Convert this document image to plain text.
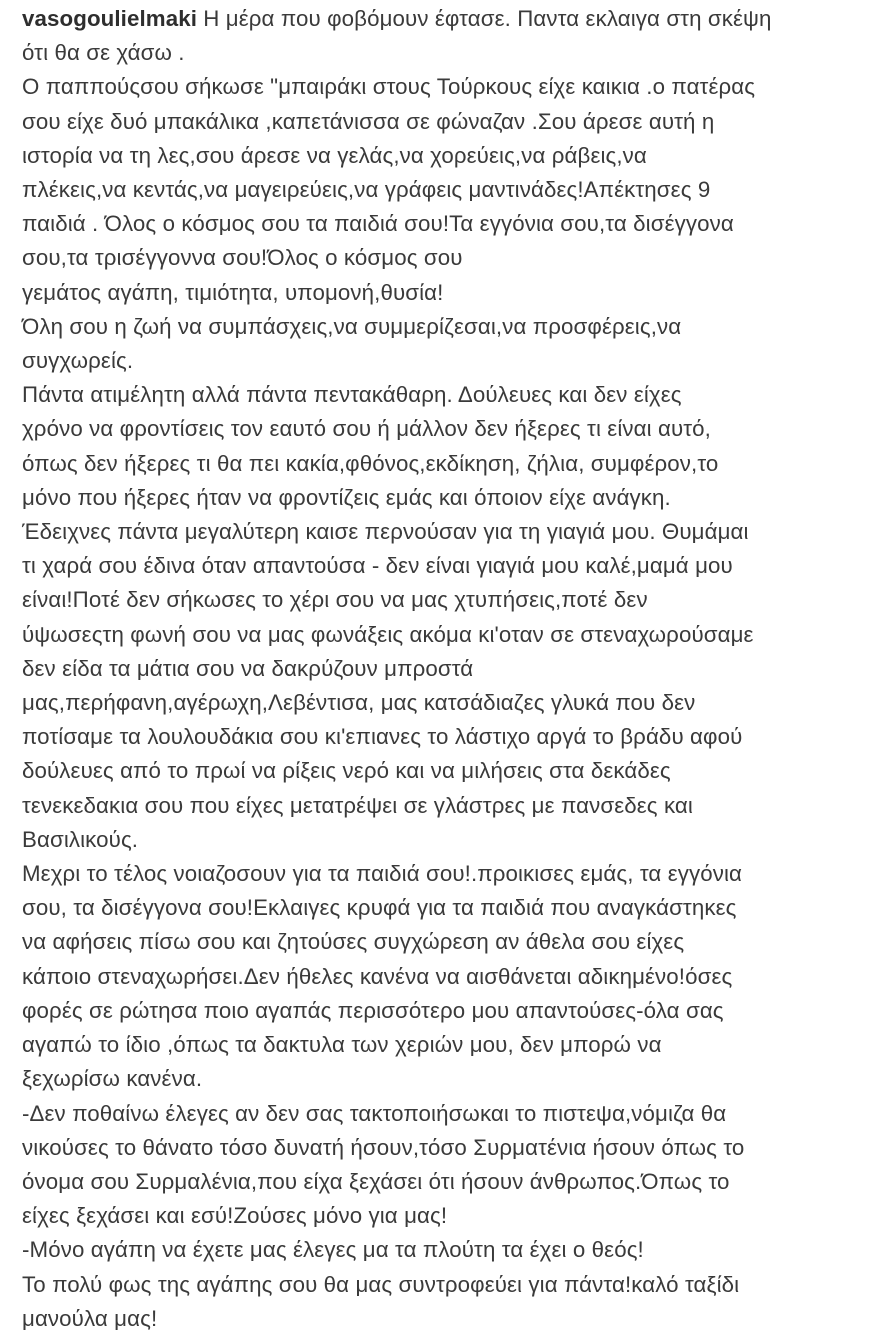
vasogoulielmaki Η μέρα που φοβόμουν έφτασε. Παντα εκλαιγα στη σκέψη
ότι θα σε χάσω .
Ο παππούςσου σήκωσε "μπαιράκι στους Τούρκους είχε καικια .ο πατέρας
σου είχε δυό μπακάλικα ,καπετάνισσα σε φώναζαν .Σου άρεσε αυτή η
ιστορία να τη λες,σου άρεσε να γελάς,να χορεύεις,να ράβεις,να
πλέκεις,να κεντάς,να μαγειρεύεις,να γράφεις μαντινάδες!Απέκτησες 9
παιδιά . Όλος ο κόσμος σου τα παιδιά σου!Τα εγγόνια σου,τα δισέγγονα
σου,τα τρισέγγοννα σου!Όλος ο κόσμος σου
γεμάτος αγάπη, τιμιότητα, υπομονή,θυσία!
Όλη σου η ζωή να συμπάσχεις,να συμμερίζεσαι,να προσφέρεις,να
συγχωρείς.
Πάντα ατιμέλητη αλλά πάντα πεντακάθαρη. Δούλευες και δεν είχες
χρόνο να φροντίσεις τον εαυτό σου ή μάλλον δεν ήξερες τι είναι αυτό,
όπως δεν ήξερες τι θα πει κακία,φθόνος,εκδίκηση, ζήλια, συμφέρον,το
μόνο που ήξερες ήταν να φροντίζεις εμάς και όποιον είχε ανάγκη.
Έδειχνες πάντα μεγαλύτερη καισε περνούσαν για τη γιαγιά μου. Θυμάμαι
τι χαρά σου έδινα όταν απαντούσα - δεν είναι γιαγιά μου καλέ,μαμά μου
είναι!Ποτέ δεν σήκωσες το χέρι σου να μας χτυπήσεις,ποτέ δεν
ύψωσεςτη φωνή σου να μας φωνάξεις ακόμα κι'οταν σε στεναχωρούσαμε
δεν είδα τα μάτια σου να δακρύζουν μπροστά
μας,περήφανη,αγέρωχη,Λεβέντισα, μας κατσάδιαζες γλυκά που δεν
ποτίσαμε τα λουλουδάκια σου κι'επιανες το λάστιχο αργά το βράδυ αφού
δούλευες από το πρωί να ρίξεις νερό και να μιλήσεις στα δεκάδες
τενεκεδακια σου που είχες μετατρέψει σε γλάστρες με πανσεδες και
Βασιλικούς.
Μεχρι το τέλος νοιαζοσουν για τα παιδιά σου!.προικισες εμάς, τα εγγόνια
σου, τα δισέγγονα σου!Εκλαιγες κρυφά για τα παιδιά που αναγκάστηκες
να αφήσεις πίσω σου και ζητούσες συγχώρεση αν άθελα σου είχες
κάποιο στεναχωρήσει.Δεν ήθελες κανένα να αισθάνεται αδικημένο!όσες
φορές σε ρώτησα ποιο αγαπάς περισσότερο μου απαντούσες-όλα σας
αγαπώ το ίδιο ,όπως τα δακτυλα των χεριών μου, δεν μπορώ να
ξεχωρίσω κανένα.
-Δεν ποθαίνω έλεγες αν δεν σας τακτοποιήσωκαι το πιστεψα,νόμιζα θα
νικούσες το θάνατο τόσο δυνατή ήσουν,τόσο Συρματένια ήσουν όπως το
όνομα σου Συρμαλένια,που είχα ξεχάσει ότι ήσουν άνθρωπος.Όπως το
είχες ξεχάσει και εσύ!Ζούσες μόνο για μας!
-Μόνο αγάπη να έχετε μας έλεγες μα τα πλούτη τα έχει ο θεός!
Το πολύ φως της αγάπης σου θα μας συντροφεύει για πάντα!καλό ταξίδι
μανούλα μας!
